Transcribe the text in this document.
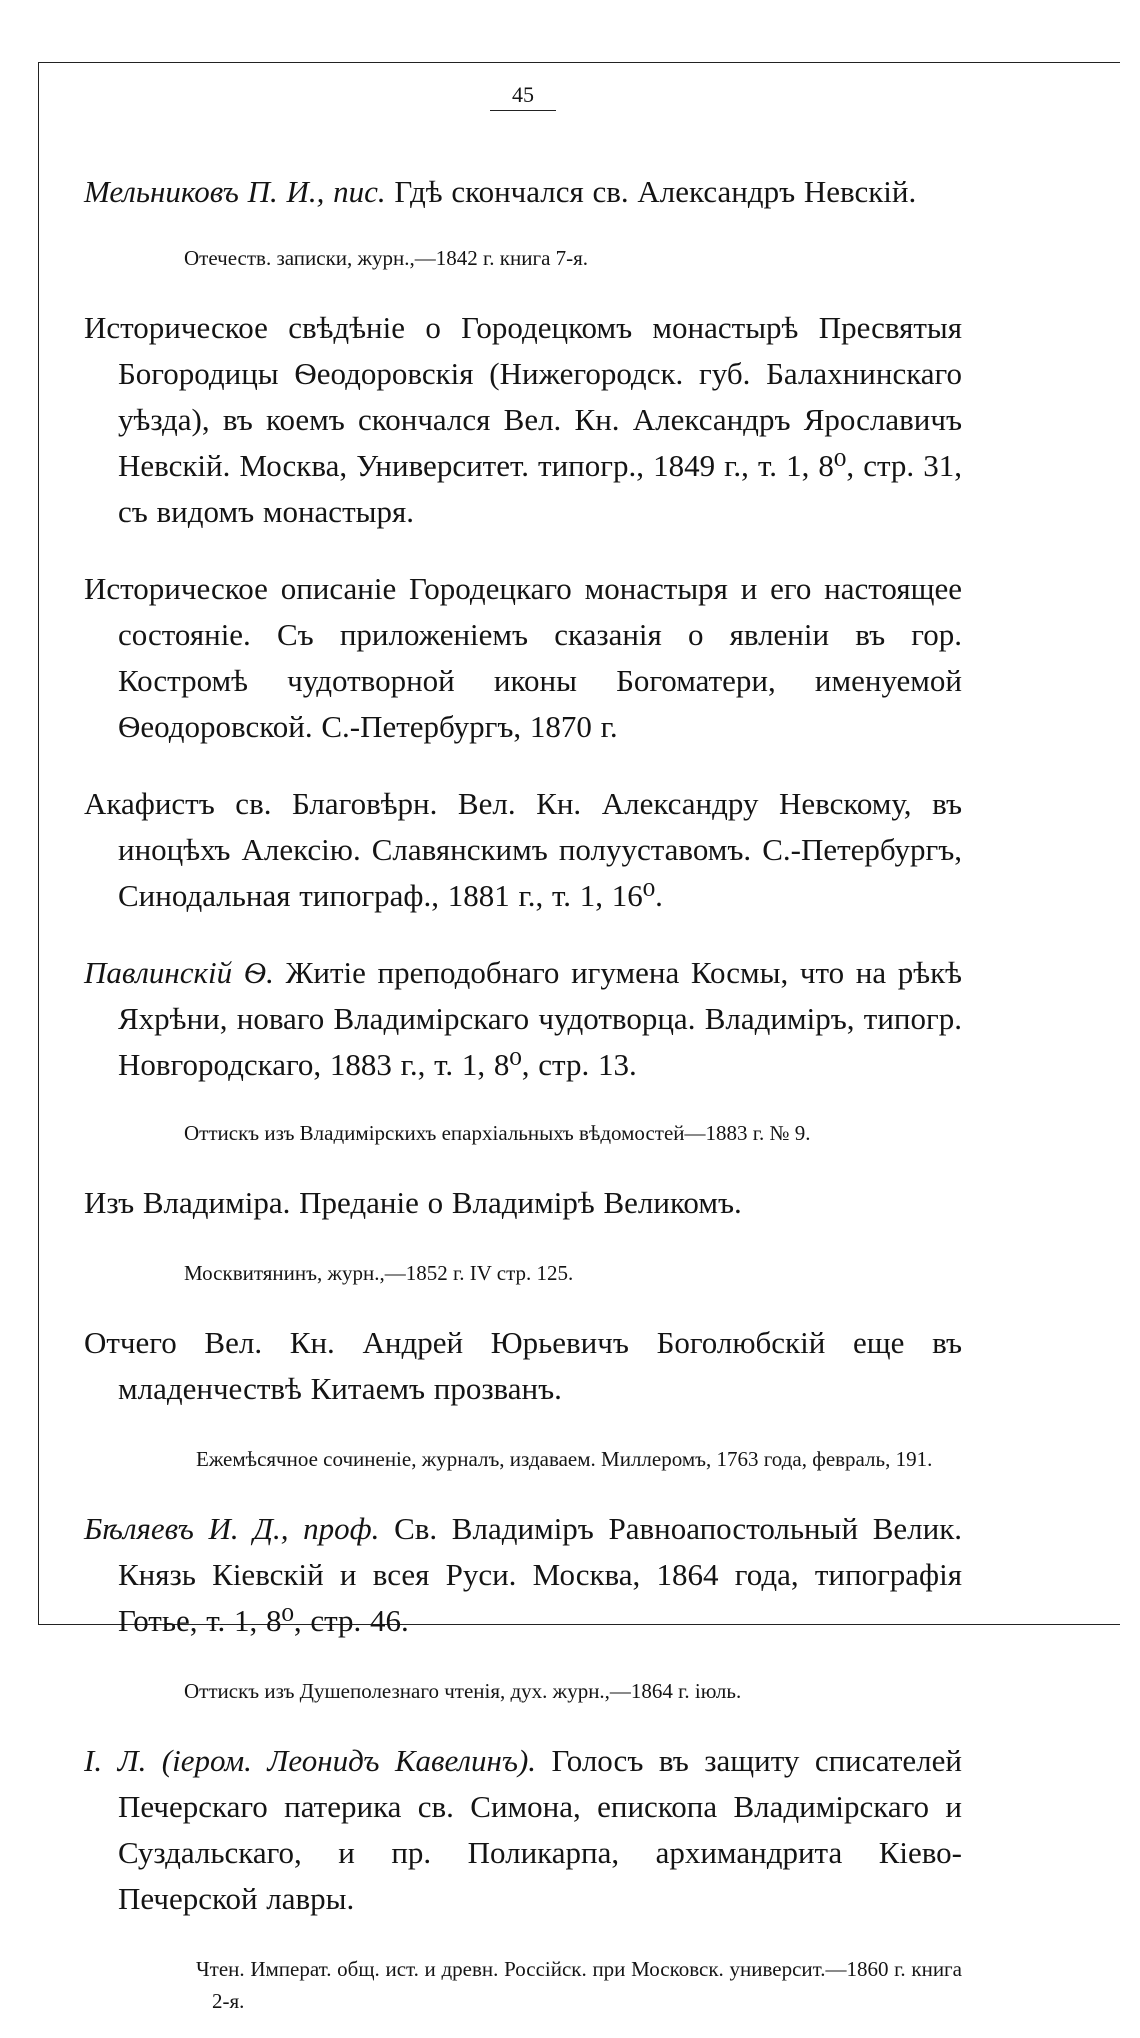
45

Мельниковъ П. И., пис. Гдѣ скончался св. Александръ Невскій.

Отечеств. записки, журн.,—1842 г. книга 7-я.

Историческое свѣдѣніе о Городецкомъ монастырѣ Пресвятыя Богородицы Ѳеодоровскія (Нижегородск. губ. Балахнинскаго уѣзда), въ коемъ скончался Вел. Кн. Александръ Ярославичъ Невскій. Москва, Университет. типогр., 1849 г., т. 1, 8⁰, стр. 31, съ видомъ монастыря.

Историческое описаніе Городецкаго монастыря и его настоящее состояніе. Съ приложеніемъ сказанія о явленіи въ гор. Костромѣ чудотворной иконы Богоматери, именуемой Ѳеодоровской. С.-Петербургъ, 1870 г.

Акафистъ св. Благовѣрн. Вел. Кн. Александру Невскому, въ иноцѣхъ Алексію. Славянскимъ полууставомъ. С.-Петербургъ, Синодальная типограф., 1881 г., т. 1, 16⁰.

Павлинскій Ѳ. Житіе преподобнаго игумена Космы, что на рѣкѣ Яхрѣни, новаго Владимірскаго чудотворца. Владиміръ, типогр. Новгородскаго, 1883 г., т. 1, 8⁰, стр. 13.

Оттискъ изъ Владимірскихъ епархіальныхъ вѣдомостей—1883 г. № 9.

Изъ Владиміра. Преданіе о Владимірѣ Великомъ.

Москвитянинъ, журн.,—1852 г. IV стр. 125.

Отчего Вел. Кн. Андрей Юрьевичъ Боголюбскій еще въ младенчествѣ Китаемъ прозванъ.

Ежемѣсячное сочиненіе, журналъ, издаваем. Миллеромъ, 1763 года, февраль, 191.

Бѣляевъ И. Д., проф. Св. Владиміръ Равноапостольный Велик. Князь Кіевскій и всея Руси. Москва, 1864 года, типографія Готье, т. 1, 8⁰, стр. 46.

Оттискъ изъ Душеполезнаго чтенія, дух. журн.,—1864 г. іюль.

І. Л. (іером. Леонидъ Кавелинъ). Голосъ въ защиту списателей Печерскаго патерика св. Симона, епископа Владимірскаго и Суздальскаго, и пр. Поликарпа, архимандрита Кіево-Печерской лавры.

Чтен. Императ. общ. ист. и древн. Россійск. при Московск. университ.—1860 г. книга 2-я.
